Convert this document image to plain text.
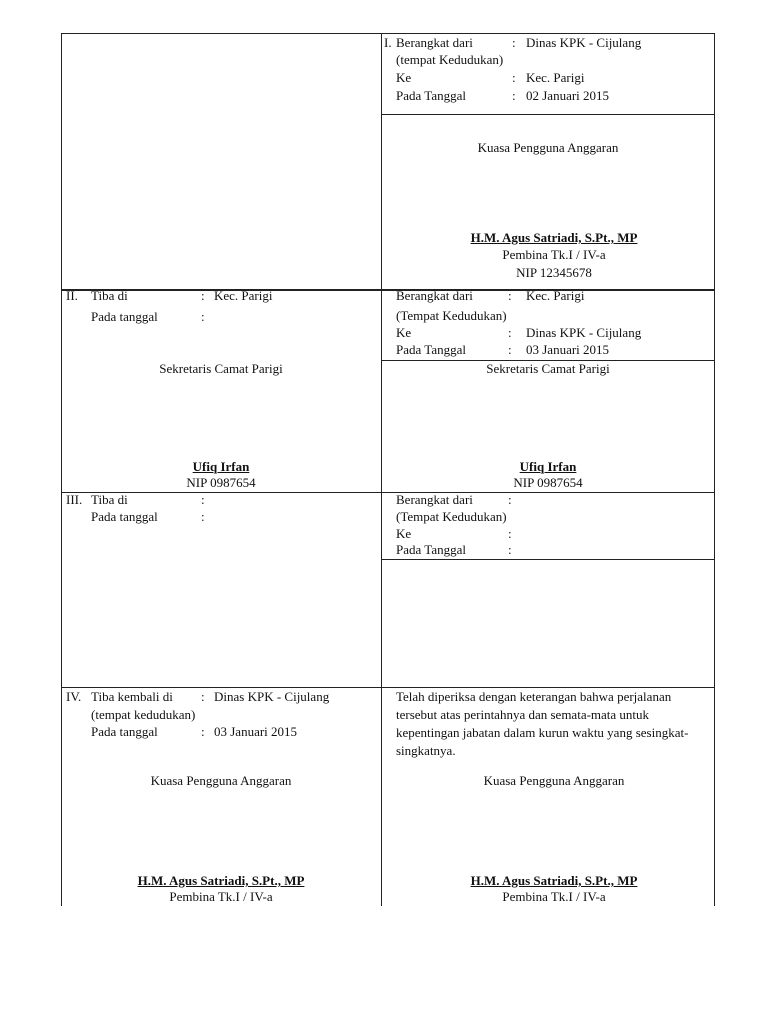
I. Berangkat dari	: Dinas KPK - Cijulang
(tempat Kedudukan)
Ke	: Kec. Parigi
Pada Tanggal	: 02 Januari 2015
Kuasa Pengguna Anggaran
H.M. Agus Satriadi, S.Pt., MP
Pembina Tk.I / IV-a
NIP 12345678
II. Tiba di	: Kec. Parigi
Pada tanggal	:
Berangkat dari	: Kec. Parigi
(Tempat Kedudukan)
Ke	: Dinas KPK - Cijulang
Pada Tanggal	: 03 Januari 2015
Sekretaris Camat Parigi
Ufiq Irfan
NIP 0987654
Sekretaris Camat Parigi
Ufiq Irfan
NIP 0987654
III. Tiba di	:
Pada tanggal	:
Berangkat dari	:
(Tempat Kedudukan)
Ke	:
Pada Tanggal	:
IV. Tiba kembali di : Dinas KPK - Cijulang
(tempat kedudukan)
Pada tanggal	: 03 Januari 2015
Telah diperiksa dengan keterangan bahwa perjalanan tersebut atas perintahnya dan semata-mata untuk kepentingan jabatan dalam kurun waktu yang sesingkat-singkatnya.
Kuasa Pengguna Anggaran
H.M. Agus Satriadi, S.Pt., MP
Pembina Tk.I / IV-a
Kuasa Pengguna Anggaran
H.M. Agus Satriadi, S.Pt., MP
Pembina Tk.I / IV-a
